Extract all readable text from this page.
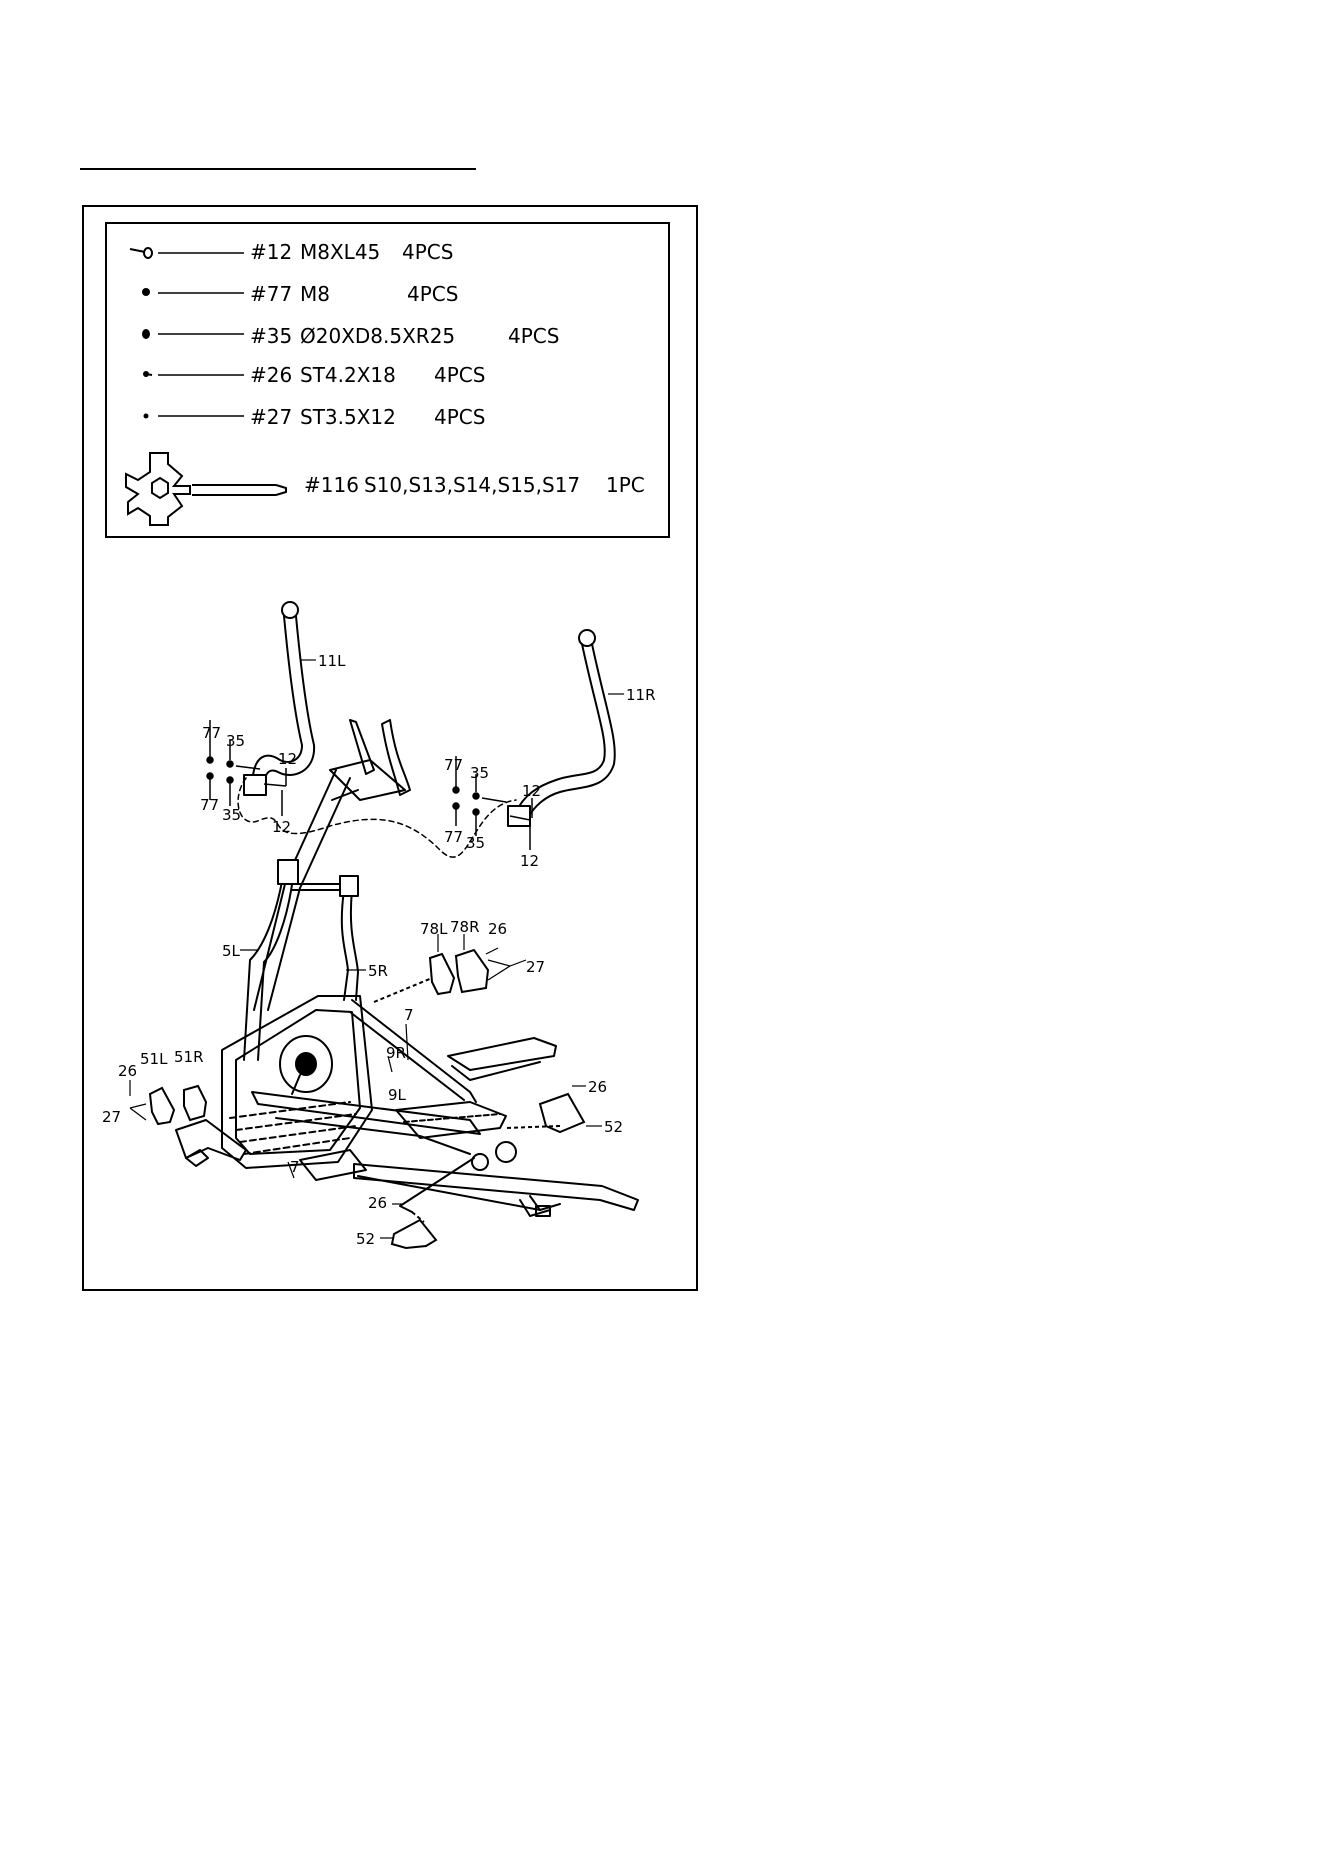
#12 M8XL45 4PCS
#77 M8	4PCS
#35 Ø20XD8.5XR25	4PCS
#26 ST4.2X18 4PCS
#27 ST3.5X12 4PCS
#116 S10,S13,S14,S15,S17 1PC
11L
11R
77 35
12
77
35
12
77 35
12
77 35
12
5L
5R
78L 78R 26
27
7
9R
9L
7
26
51L 51R
27
26
52
26
52
